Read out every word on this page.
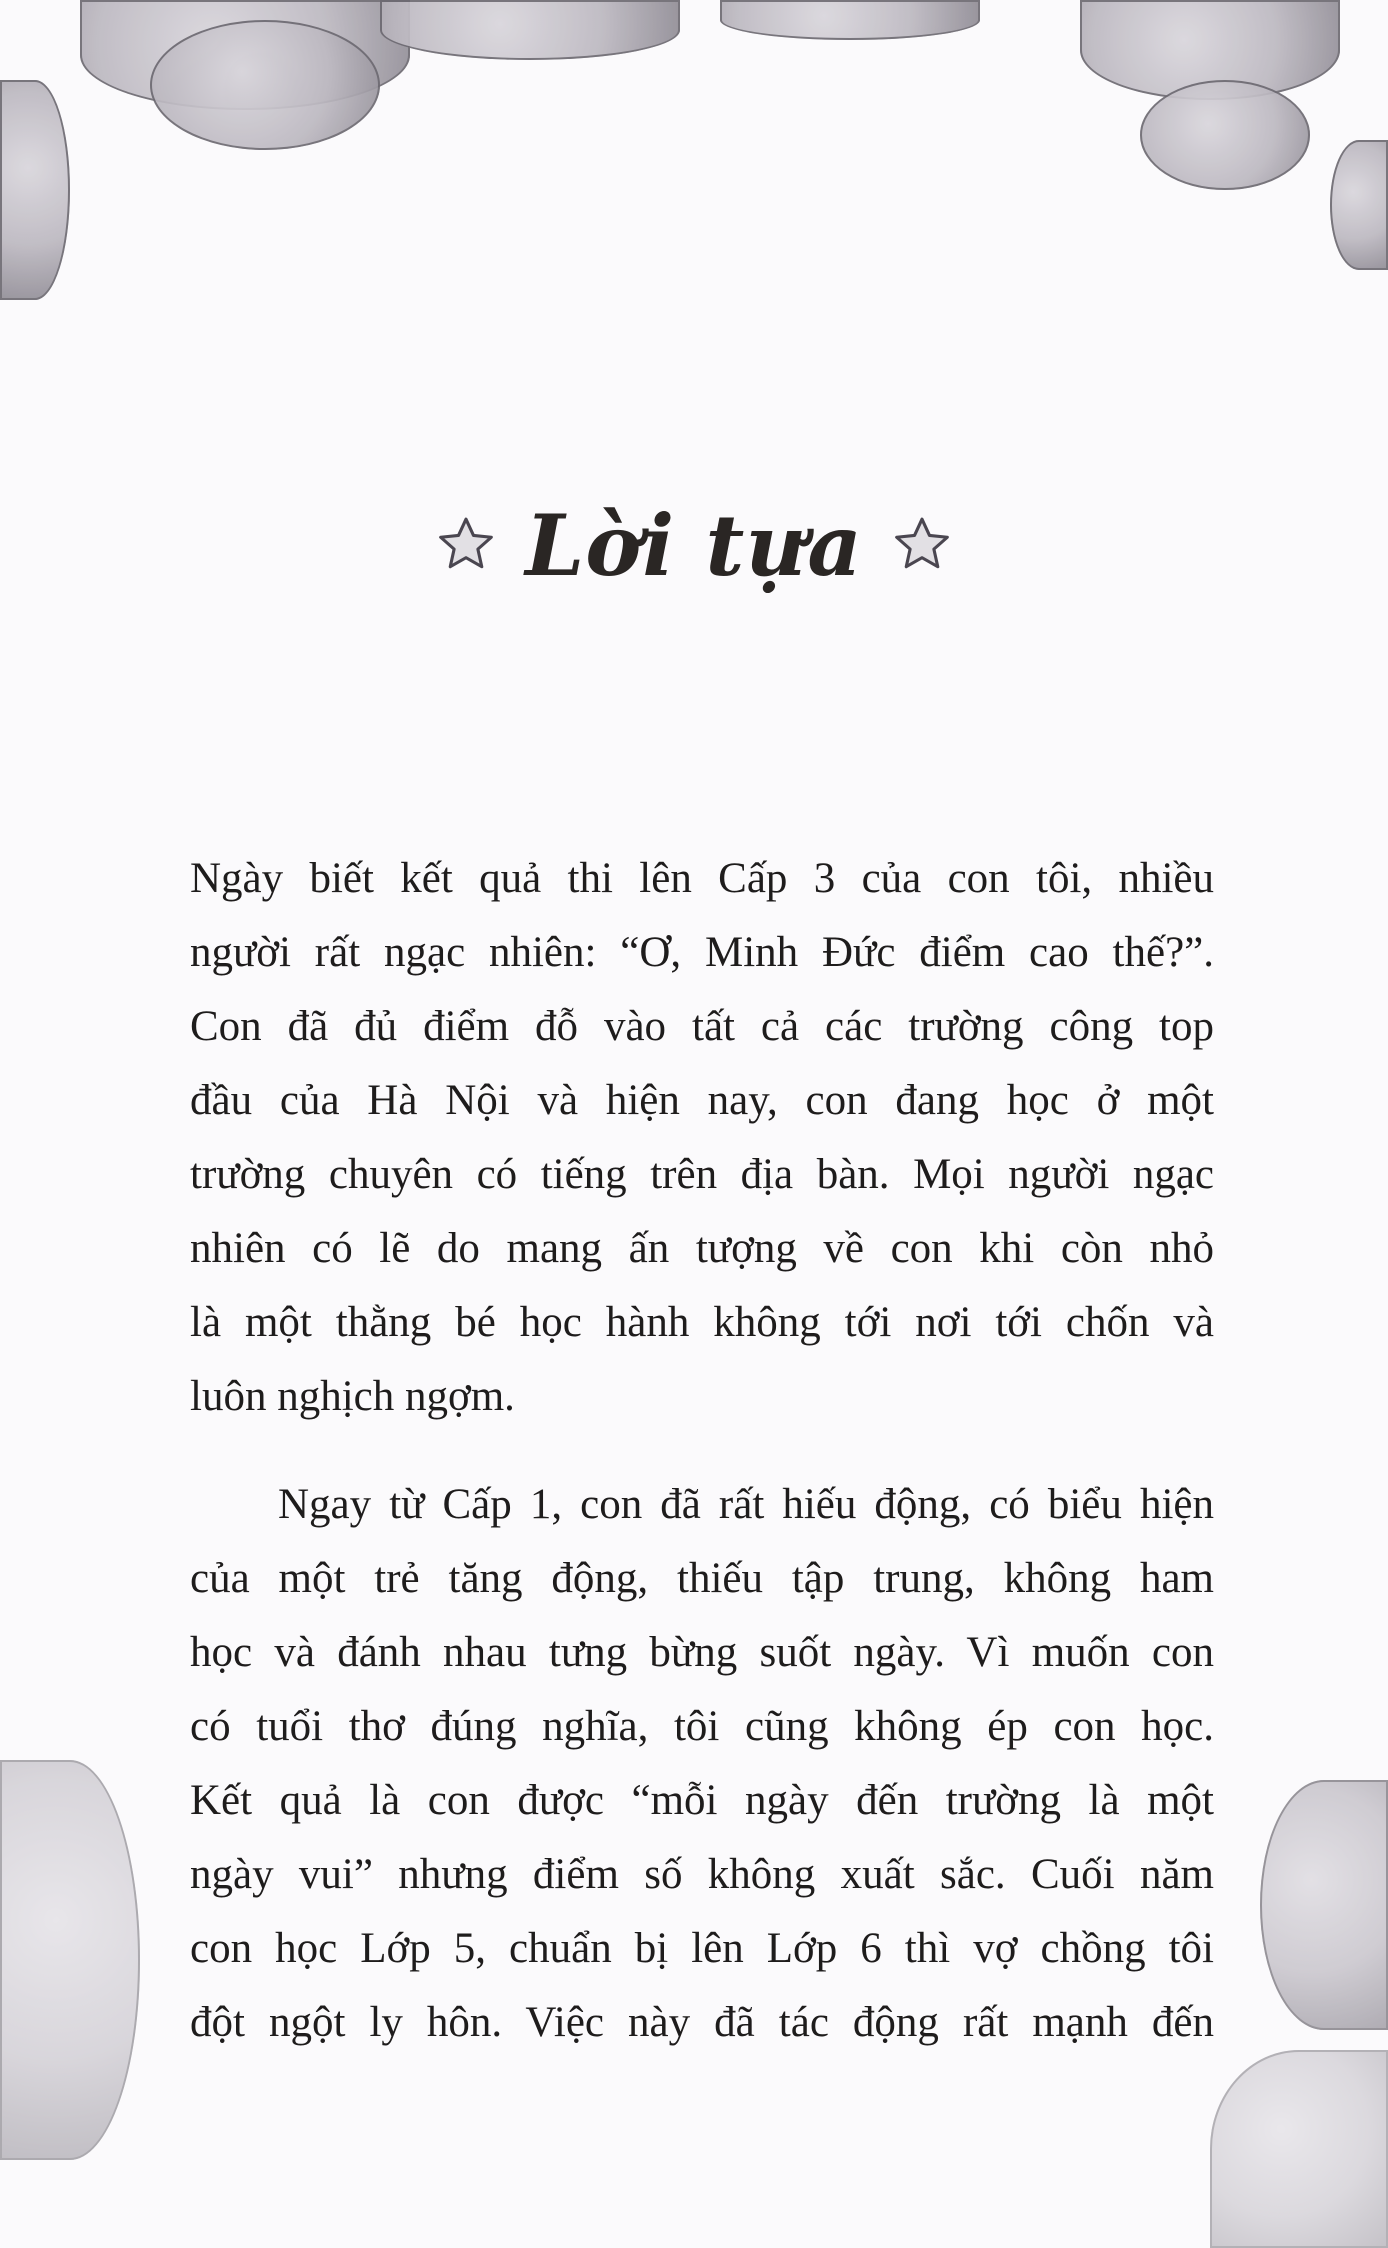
Lời tựa
Ngày biết kết quả thi lên Cấp 3 của con tôi, nhiều
người rất ngạc nhiên: “Ơ, Minh Đức điểm cao thế?”.
Con đã đủ điểm đỗ vào tất cả các trường công top
đầu của Hà Nội và hiện nay, con đang học ở một
trường chuyên có tiếng trên địa bàn. Mọi người ngạc
nhiên có lẽ do mang ấn tượng về con khi còn nhỏ
là một thằng bé học hành không tới nơi tới chốn và
luôn nghịch ngợm.
Ngay từ Cấp 1, con đã rất hiếu động, có biểu hiện
của một trẻ tăng động, thiếu tập trung, không ham
học và đánh nhau tưng bừng suốt ngày. Vì muốn con
có tuổi thơ đúng nghĩa, tôi cũng không ép con học.
Kết quả là con được “mỗi ngày đến trường là một
ngày vui” nhưng điểm số không xuất sắc. Cuối năm
con học Lớp 5, chuẩn bị lên Lớp 6 thì vợ chồng tôi
đột ngột ly hôn. Việc này đã tác động rất mạnh đến
